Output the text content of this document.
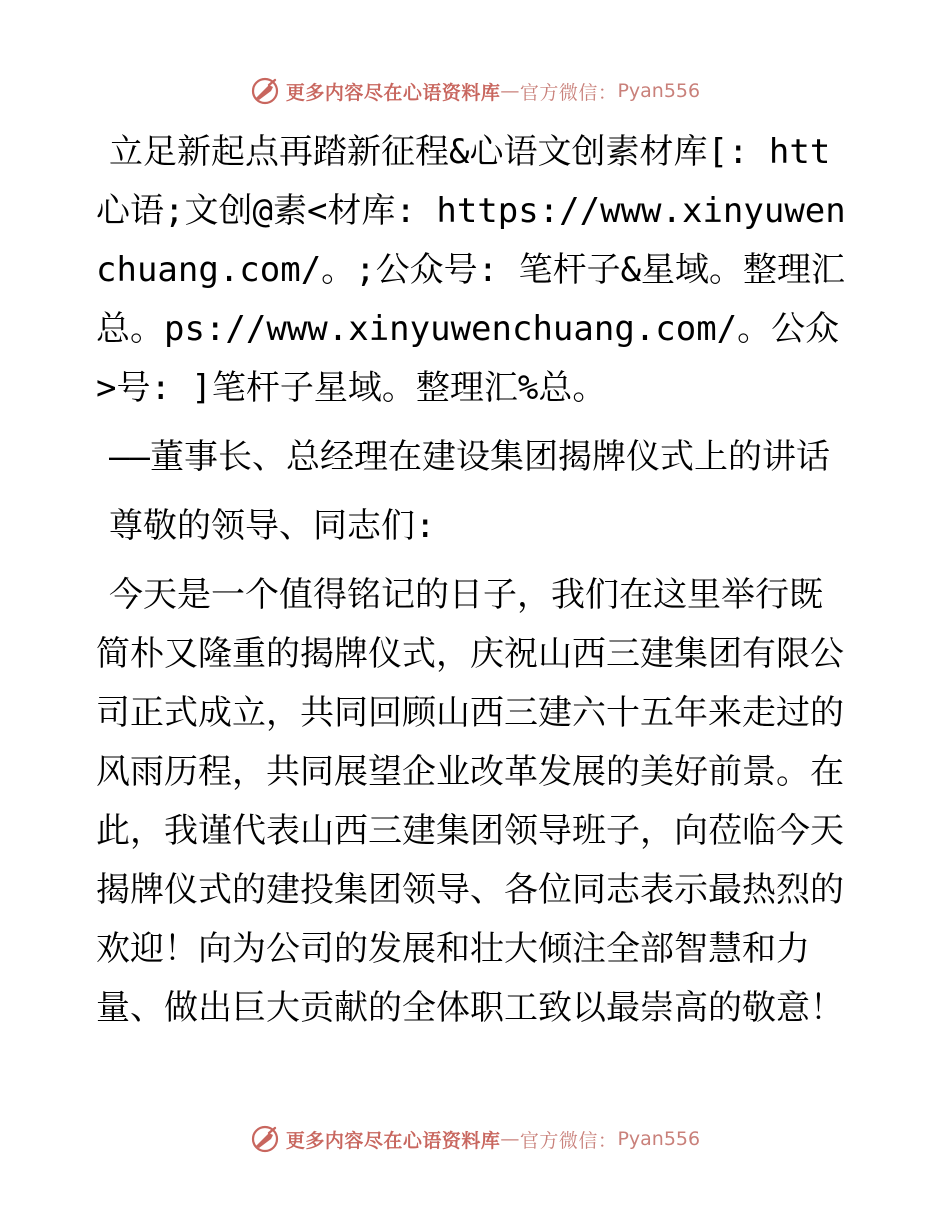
更多内容尽在心语资料库 — 官方微信： Pyan556

立足新起点再踏新征程&心语文创素材库[: htt心语;文创@素<材库: https://www.xinyuwenchuang.com/。;公众号: 笔杆子&星域。整理汇总。ps://www.xinyuwenchuang.com/。公众>号: ]笔杆子星域。整理汇%总。

——董事长、总经理在建设集团揭牌仪式上的讲话

尊敬的领导、同志们:

今天是一个值得铭记的日子，我们在这里举行既简朴又隆重的揭牌仪式，庆祝山西三建集团有限公司正式成立，共同回顾山西三建六十五年来走过的风雨历程，共同展望企业改革发展的美好前景。在此，我谨代表山西三建集团领导班子，向莅临今天揭牌仪式的建投集团领导、各位同志表示最热烈的欢迎！向为公司的发展和壮大倾注全部智慧和力量、做出巨大贡献的全体职工致以最崇高的敬意！

更多内容尽在心语资料库 — 官方微信： Pyan556
